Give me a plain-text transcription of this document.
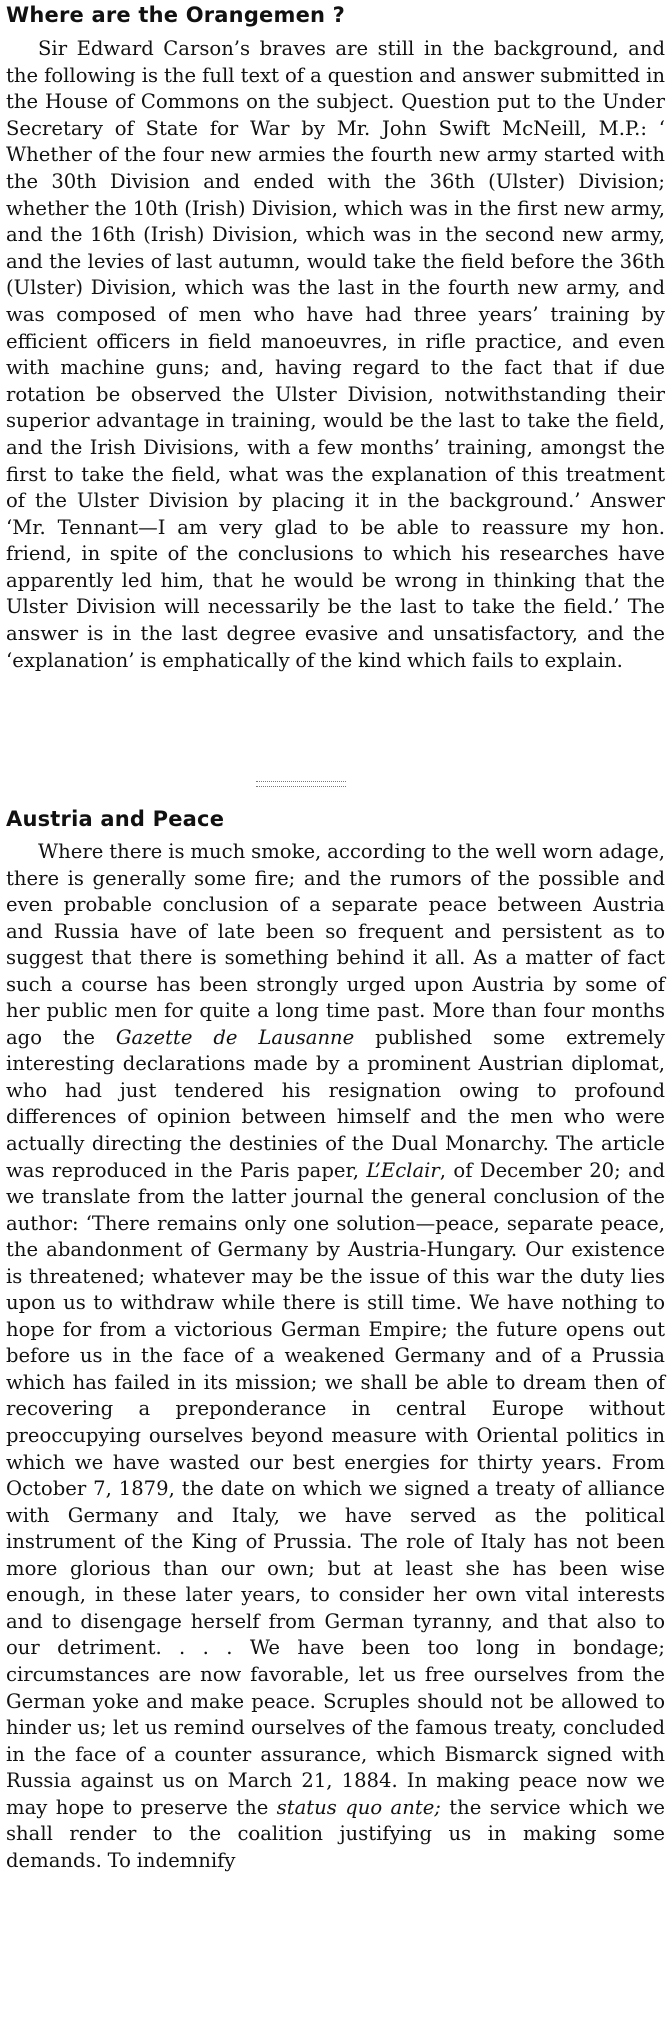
Where are the Orangemen ?

Sir Edward Carson’s braves are still in the background, and the following is the full text of a question and answer submitted in the House of Commons on the subject. Question put to the Under Secretary of State for War by Mr. John Swift McNeill, M.P.: ‘ Whether of the four new armies the fourth new army started with the 30th Division and ended with the 36th (Ulster) Division; whether the 10th (Irish) Division, which was in the first new army, and the 16th (Irish) Division, which was in the second new army, and the levies of last autumn, would take the field before the 36th (Ulster) Division, which was the last in the fourth new army, and was composed of men who have had three years’ training by efficient officers in field manoeuvres, in rifle practice, and even with machine guns; and, having regard to the fact that if due rotation be observed the Ulster Division, notwithstanding their superior advantage in training, would be the last to take the field, and the Irish Divisions, with a few months’ training, amongst the first to take the field, what was the explanation of this treatment of the Ulster Division by placing it in the background.’ Answer ‘Mr. Tennant—I am very glad to be able to reassure my hon. friend, in spite of the conclusions to which his researches have apparently led him, that he would be wrong in thinking that the Ulster Division will necessarily be the last to take the field.’ The answer is in the last degree evasive and unsatisfactory, and the ‘explanation’ is emphatically of the kind which fails to explain.

Austria and Peace

Where there is much smoke, according to the well worn adage, there is generally some fire; and the rumors of the possible and even probable conclusion of a separate peace between Austria and Russia have of late been so frequent and persistent as to suggest that there is something behind it all. As a matter of fact such a course has been strongly urged upon Austria by some of her public men for quite a long time past. More than four months ago the Gazette de Lausanne published some extremely interesting declarations made by a prominent Austrian diplomat, who had just tendered his resignation owing to profound differences of opinion between himself and the men who were actually directing the destinies of the Dual Monarchy. The article was reproduced in the Paris paper, L’Eclair, of December 20; and we translate from the latter journal the general conclusion of the author: ‘There remains only one solution—peace, separate peace, the abandonment of Germany by Austria-Hungary. Our existence is threatened; whatever may be the issue of this war the duty lies upon us to withdraw while there is still time. We have nothing to hope for from a victorious German Empire; the future opens out before us in the face of a weakened Germany and of a Prussia which has failed in its mission; we shall be able to dream then of recovering a preponderance in central Europe without preoccupying ourselves beyond measure with Oriental politics in which we have wasted our best energies for thirty years. From October 7, 1879, the date on which we signed a treaty of alliance with Germany and Italy, we have served as the political instrument of the King of Prussia. The role of Italy has not been more glorious than our own; but at least she has been wise enough, in these later years, to consider her own vital interests and to disengage herself from German tyranny, and that also to our detriment. . . . We have been too long in bondage; circumstances are now favorable, let us free ourselves from the German yoke and make peace. Scruples should not be allowed to hinder us; let us remind ourselves of the famous treaty, concluded in the face of a counter assurance, which Bismarck signed with Russia against us on March 21, 1884. In making peace now we may hope to preserve the status quo ante; the service which we shall render to the coalition justifying us in making some demands. To indemnify
